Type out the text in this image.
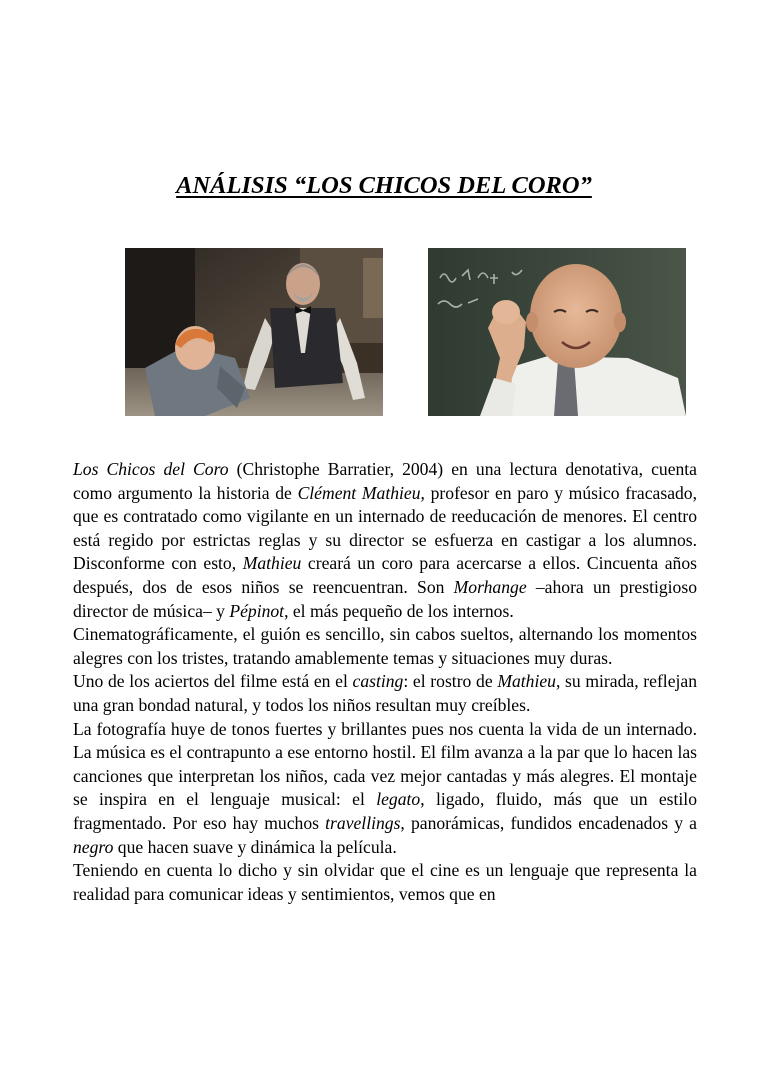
ANÁLISIS “LOS CHICOS DEL CORO”

Los Chicos del Coro (Christophe Barratier, 2004) en una lectura denotativa, cuenta como argumento la historia de Clément Mathieu, profesor en paro y músico fracasado, que es contratado como vigilante en un internado de reeducación de menores. El centro está regido por estrictas reglas y su director se esfuerza en castigar a los alumnos. Disconforme con esto, Mathieu creará un coro para acercarse a ellos. Cincuenta años después, dos de esos niños se reencuentran. Son Morhange –ahora un prestigioso director de música– y Pépinot, el más pequeño de los internos.

Cinematográficamente, el guión es sencillo, sin cabos sueltos, alternando los momentos alegres con los tristes, tratando amablemente temas y situaciones muy duras.

Uno de los aciertos del filme está en el casting: el rostro de Mathieu, su mirada, reflejan una gran bondad natural, y todos los niños resultan muy creíbles.

La fotografía huye de tonos fuertes y brillantes pues nos cuenta la vida de un internado. La música es el contrapunto a ese entorno hostil. El film avanza a la par que lo hacen las canciones que interpretan los niños, cada vez mejor cantadas y más alegres. El montaje se inspira en el lenguaje musical: el legato, ligado, fluido, más que un estilo fragmentado. Por eso hay muchos travellings, panorámicas, fundidos encadenados y a negro que hacen suave y dinámica la película.

Teniendo en cuenta lo dicho y sin olvidar que el cine es un lenguaje que representa la realidad para comunicar ideas y sentimientos, vemos que en
